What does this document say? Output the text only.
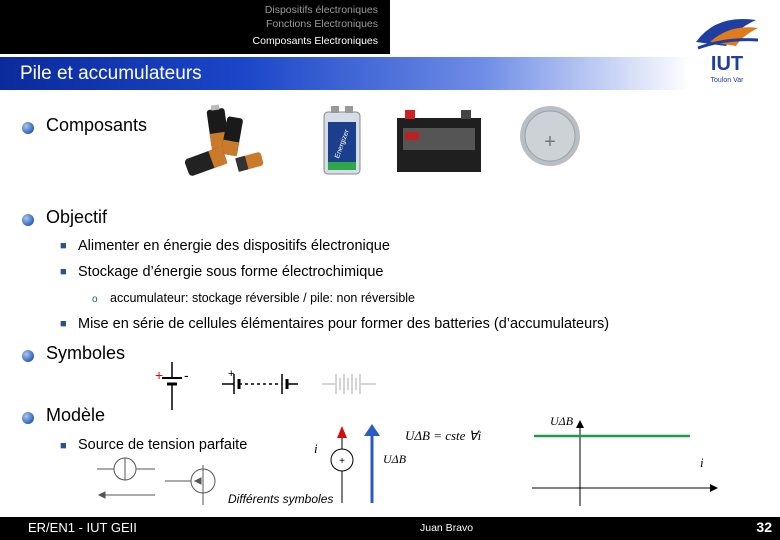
Dispositifs électroniques
Fonctions Electroniques
Composants Electroniques
Pile et accumulateurs	IUT
Toulon Var
Composants
Energizer	+
Objectif
■ Alimenter en énergie des dispositifs électronique
■ Stockage d’énergie sous forme électrochimique
o accumulateur: stockage réversible / pile: non réversible
■ Mise en série de cellules élémentaires pour former des batteries (d’accumulateurs)
Symboles
+ -	+
Modèle
■ Source de tension parfaite
Différents symboles
+
i
UΔB
UΔB = cste ∀i
UΔB
i
ER/EN1 - IUT GEII	Juan Bravo	32
